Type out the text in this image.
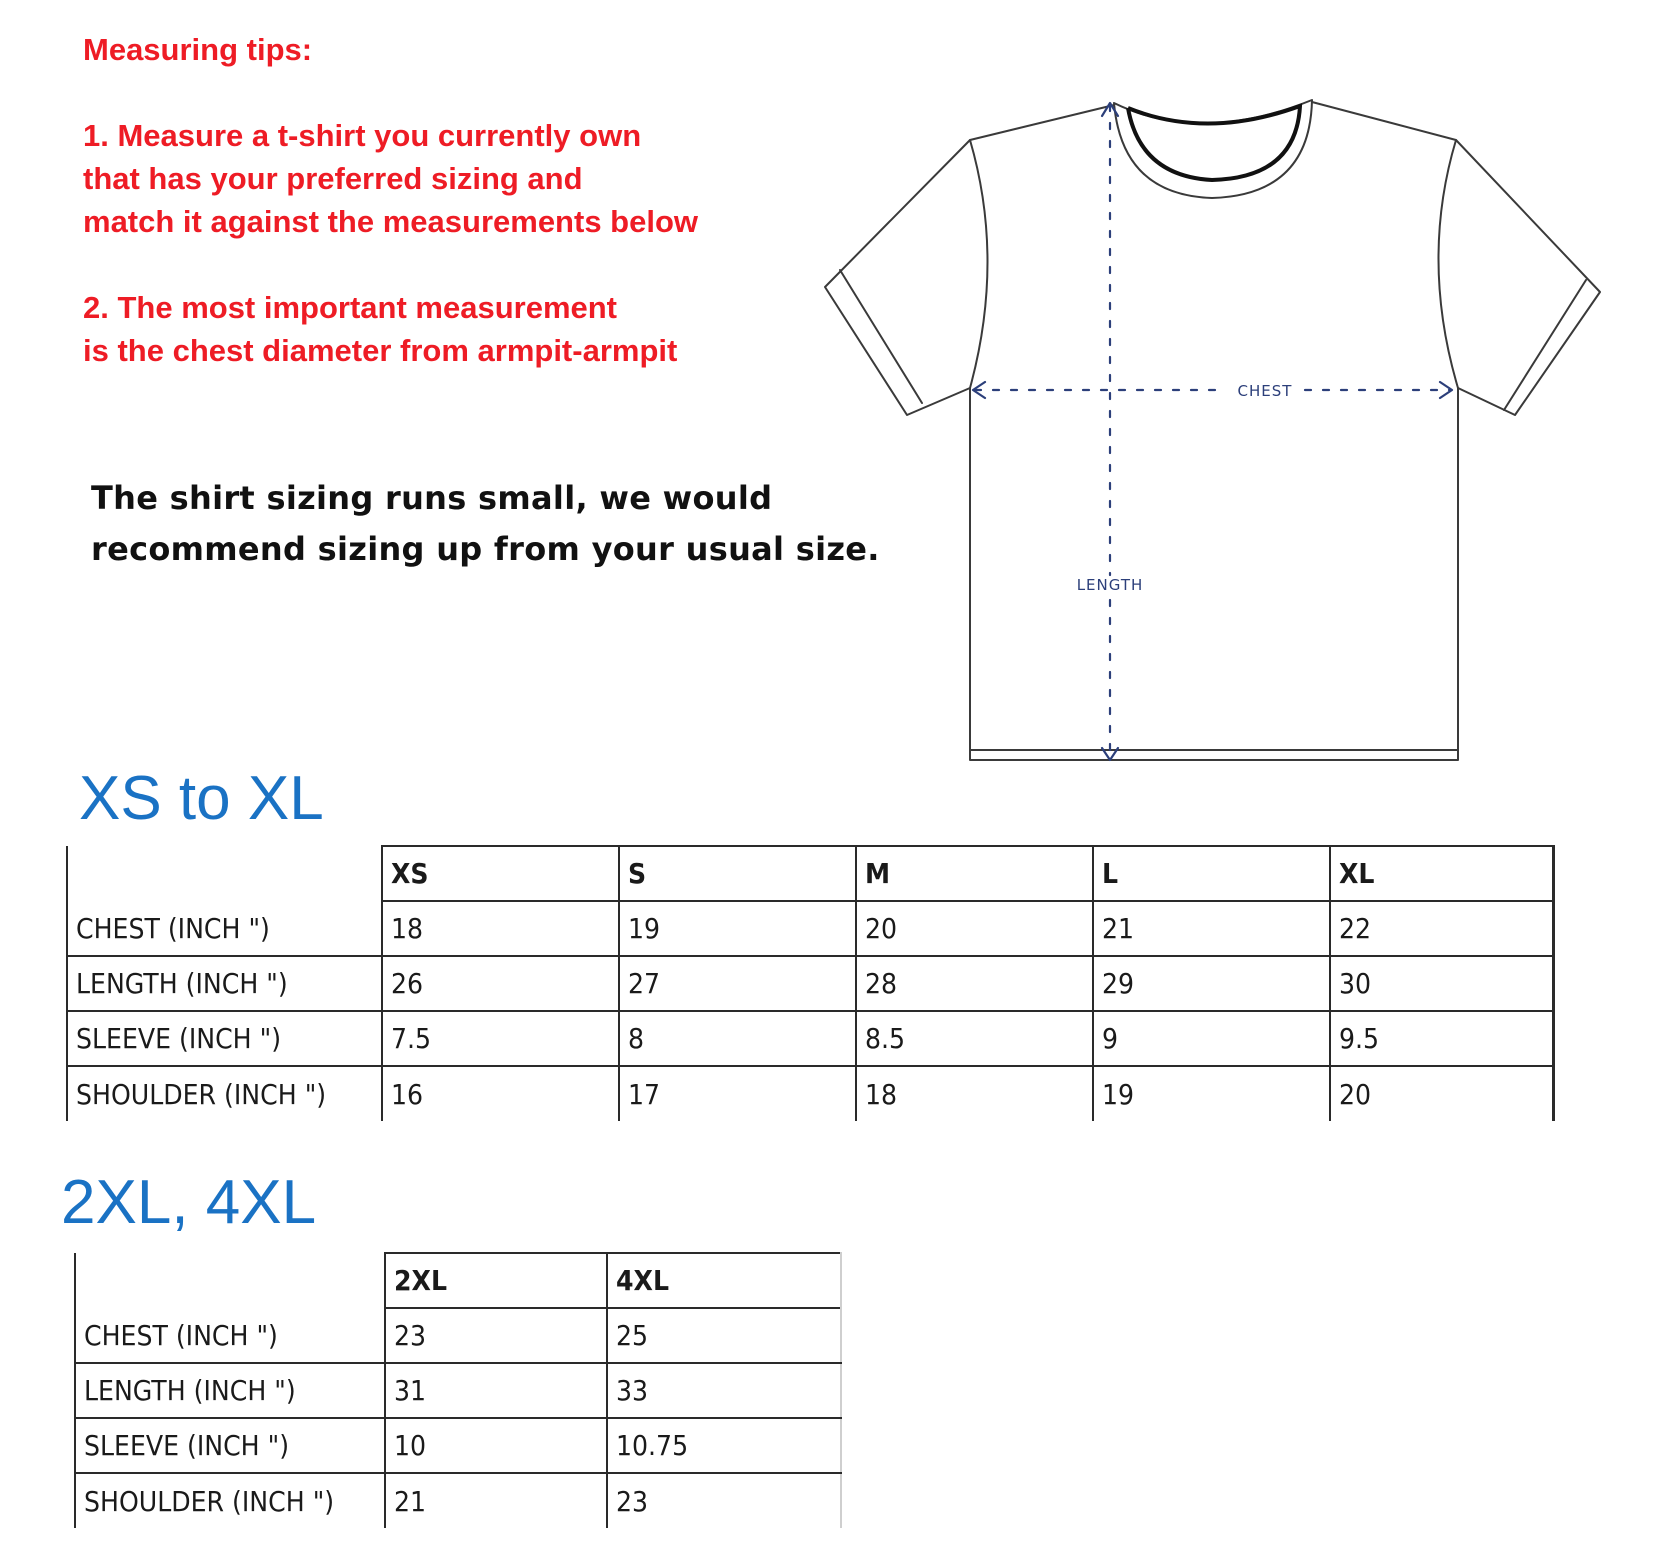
Measuring tips:

1. Measure a t-shirt you currently own

that has your preferred sizing and

match it against the measurements below

2. The most important measurement

is the chest diameter from armpit-armpit

The shirt sizing runs small, we would

recommend sizing up from your usual size.

CHEST
LENGTH
XS to XL
	XS	S	M	L	XL
CHEST (INCH ")	18	19	20	21	22
LENGTH (INCH ")	26	27	28	29	30
SLEEVE (INCH ")	7.5	8	8.5	9	9.5
SHOULDER (INCH ")	16	17	18	19	20
2XL, 4XL
	2XL	4XL
CHEST (INCH ")	23	25
LENGTH (INCH ")	31	33
SLEEVE (INCH ")	10	10.75
SHOULDER (INCH ")	21	23
